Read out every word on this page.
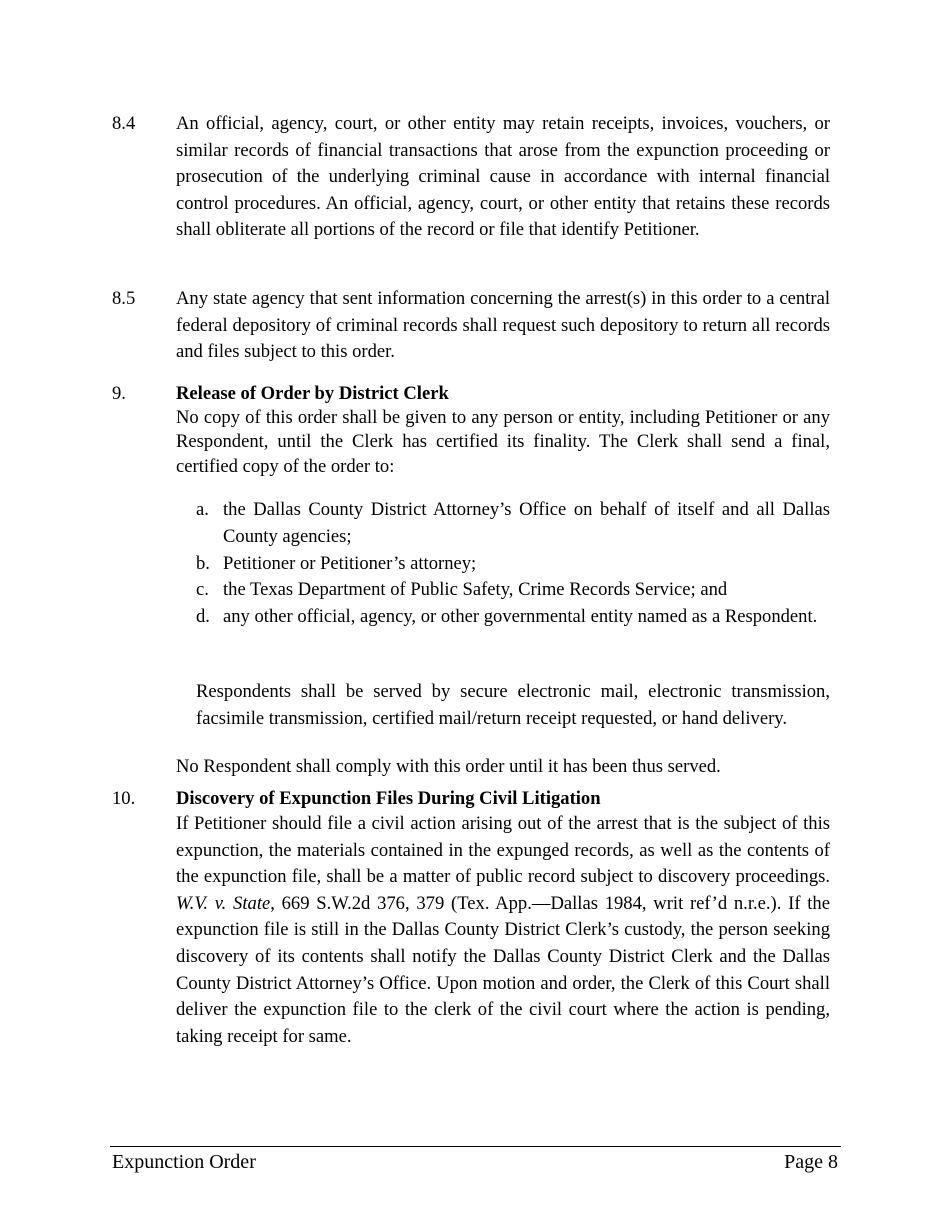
8.4	An official, agency, court, or other entity may retain receipts, invoices, vouchers, or similar records of financial transactions that arose from the expunction proceeding or prosecution of the underlying criminal cause in accordance with internal financial control procedures. An official, agency, court, or other entity that retains these records shall obliterate all portions of the record or file that identify Petitioner.
8.5	Any state agency that sent information concerning the arrest(s) in this order to a central federal depository of criminal records shall request such depository to return all records and files subject to this order.
9.	Release of Order by District Clerk
No copy of this order shall be given to any person or entity, including Petitioner or any Respondent, until the Clerk has certified its finality. The Clerk shall send a final, certified copy of the order to:
a. the Dallas County District Attorney’s Office on behalf of itself and all Dallas County agencies;
b. Petitioner or Petitioner’s attorney;
c. the Texas Department of Public Safety, Crime Records Service; and
d. any other official, agency, or other governmental entity named as a Respondent.
Respondents shall be served by secure electronic mail, electronic transmission, facsimile transmission, certified mail/return receipt requested, or hand delivery.
No Respondent shall comply with this order until it has been thus served.
10.	Discovery of Expunction Files During Civil Litigation
If Petitioner should file a civil action arising out of the arrest that is the subject of this expunction, the materials contained in the expunged records, as well as the contents of the expunction file, shall be a matter of public record subject to discovery proceedings. W.V. v. State, 669 S.W.2d 376, 379 (Tex. App.—Dallas 1984, writ ref’d n.r.e.). If the expunction file is still in the Dallas County District Clerk’s custody, the person seeking discovery of its contents shall notify the Dallas County District Clerk and the Dallas County District Attorney’s Office. Upon motion and order, the Clerk of this Court shall deliver the expunction file to the clerk of the civil court where the action is pending, taking receipt for same.
Expunction Order	Page 8
